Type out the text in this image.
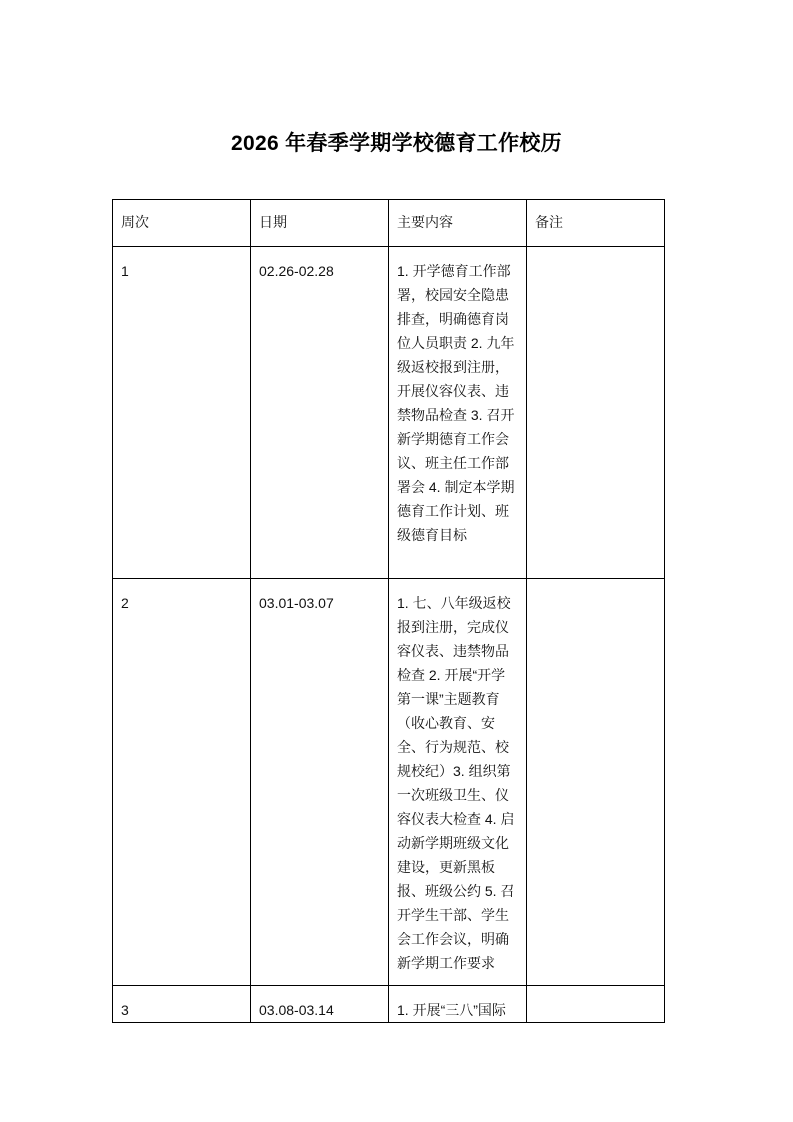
2026 年春季学期学校德育工作校历
周次	日期	主要内容	备注
1	02.26-02.28	1. 开学德育工作部署，校园安全隐患排查，明确德育岗位人员职责 2. 九年级返校报到注册，开展仪容仪表、违禁物品检查 3. 召开新学期德育工作会议、班主任工作部署会 4. 制定本学期德育工作计划、班级德育目标	
2	03.01-03.07	1. 七、八年级返校报到注册，完成仪容仪表、违禁物品检查 2. 开展“开学第一课”主题教育（收心教育、安全、行为规范、校规校纪）3. 组织第一次班级卫生、仪容仪表大检查 4. 启动新学期班级文化建设，更新黑板报、班级公约 5. 召开学生干部、学生会工作会议，明确新学期工作要求	
3	03.08-03.14	1. 开展“三八”国际	
